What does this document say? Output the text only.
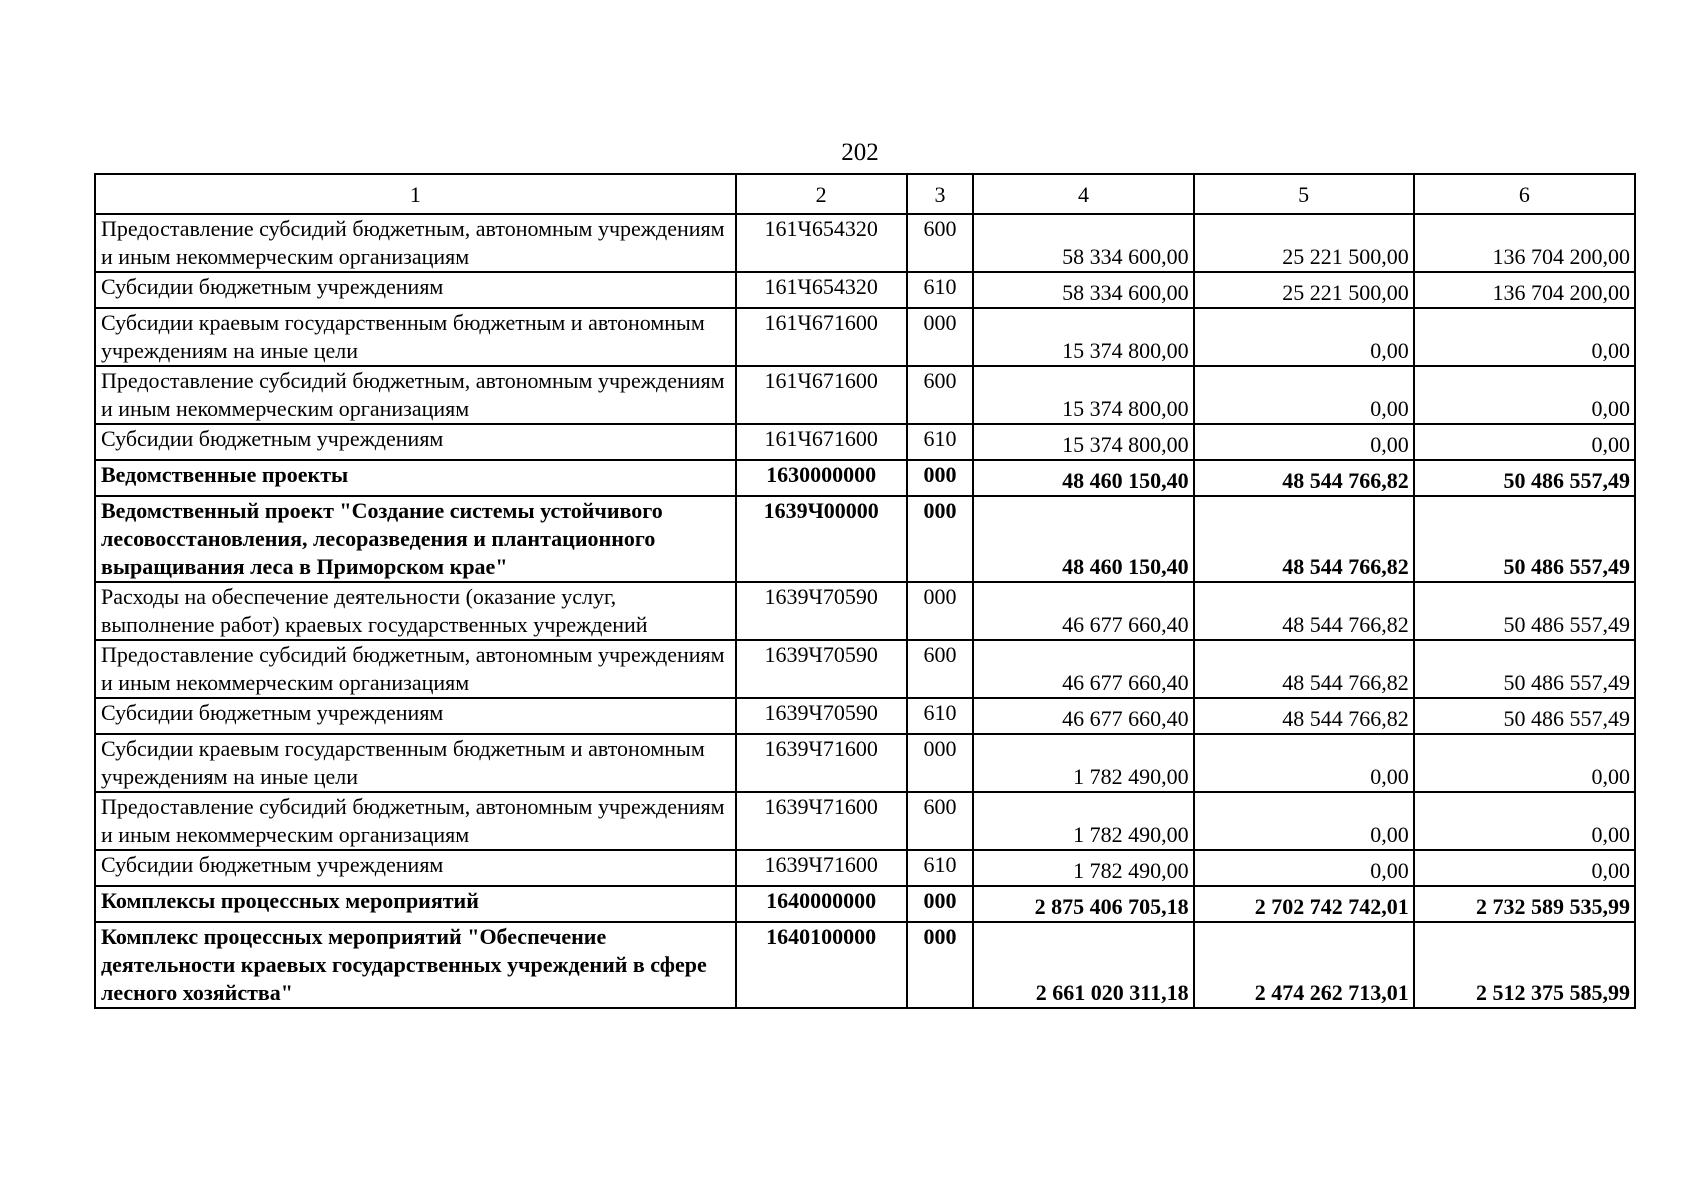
202
1	2	3	4	5	6
Предоставление субсидий бюджетным, автономным учреждениям и иным некоммерческим организациям	161Ч654320	600	58 334 600,00	25 221 500,00	136 704 200,00
Субсидии бюджетным учреждениям	161Ч654320	610	58 334 600,00	25 221 500,00	136 704 200,00
Субсидии краевым государственным бюджетным и автономным учреждениям на иные цели	161Ч671600	000	15 374 800,00	0,00	0,00
Предоставление субсидий бюджетным, автономным учреждениям и иным некоммерческим организациям	161Ч671600	600	15 374 800,00	0,00	0,00
Субсидии бюджетным учреждениям	161Ч671600	610	15 374 800,00	0,00	0,00
Ведомственные проекты	1630000000	000	48 460 150,40	48 544 766,82	50 486 557,49
Ведомственный проект "Создание системы устойчивого лесовосстановления, лесоразведения и плантационного выращивания леса в Приморском крае"	1639Ч00000	000	48 460 150,40	48 544 766,82	50 486 557,49
Расходы на обеспечение деятельности (оказание услуг, выполнение работ) краевых государственных учреждений	1639Ч70590	000	46 677 660,40	48 544 766,82	50 486 557,49
Предоставление субсидий бюджетным, автономным учреждениям и иным некоммерческим организациям	1639Ч70590	600	46 677 660,40	48 544 766,82	50 486 557,49
Субсидии бюджетным учреждениям	1639Ч70590	610	46 677 660,40	48 544 766,82	50 486 557,49
Субсидии краевым государственным бюджетным и автономным учреждениям на иные цели	1639Ч71600	000	1 782 490,00	0,00	0,00
Предоставление субсидий бюджетным, автономным учреждениям и иным некоммерческим организациям	1639Ч71600	600	1 782 490,00	0,00	0,00
Субсидии бюджетным учреждениям	1639Ч71600	610	1 782 490,00	0,00	0,00
Комплексы процессных мероприятий	1640000000	000	2 875 406 705,18	2 702 742 742,01	2 732 589 535,99
Комплекс процессных мероприятий "Обеспечение деятельности краевых государственных учреждений в сфере лесного хозяйства"	1640100000	000	2 661 020 311,18	2 474 262 713,01	2 512 375 585,99
